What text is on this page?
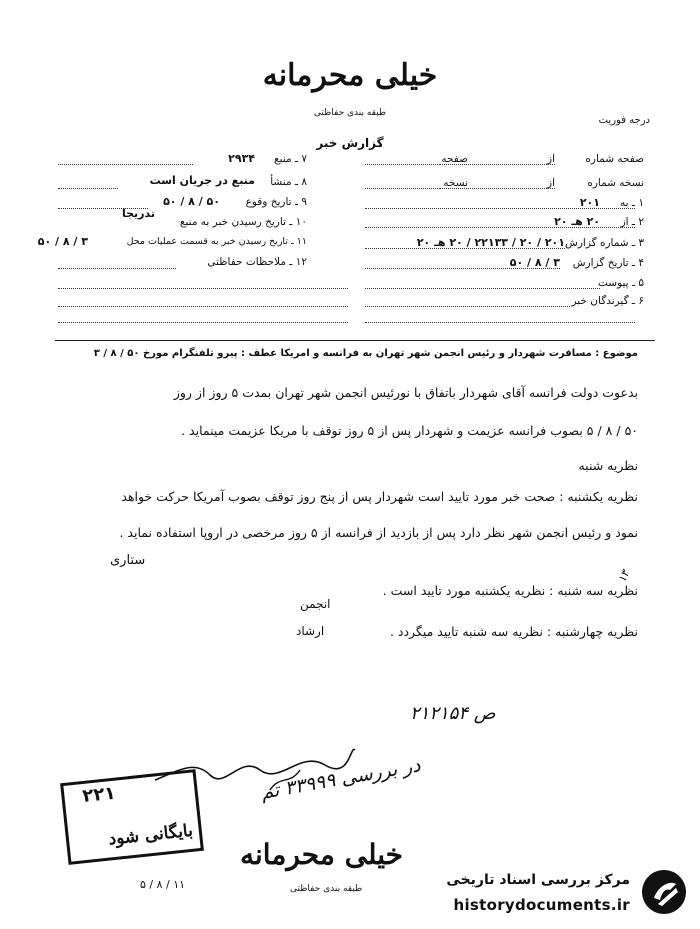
خیلی محرمانه
طبقه بندی حفاظتی
درجه فوریت
گزارش خبر
صفحه شماره
از
صفحه
نسخه شماره
از
نسخه
۱ ـ به
۲۰۱
۲ ـ از
۲۰ هـ ۲۰
۳ ـ شماره گزارش
۲۰۱ / ۲۰ / ۲۲۱۳۳ / ۲۰ هـ ۲۰
۴ ـ تاریخ گزارش
۵۰ / ۸ / ۳
۵ ـ پیوست
۶ ـ گیرندگان خبر
۷ ـ منبع
۲۹۳۴
۸ ـ منشأ
منبع در جریان است
۹ ـ تاریخ وقوع
۵۰ / ۸ / ۵۰
۱۰ ـ تاریخ رسیدن خبر به منبع
تدریجا
۱۱ ـ تاریخ رسیدن خبر به قسمت عملیات محل
۵۰ / ۸ / ۳
۱۲ ـ ملاحظات حفاظتی
موضوع : مسافرت شهردار و رئیس انجمن شهر تهران به فرانسه و امریکا عطف : پیرو تلفنگرام مورخ ۵۰ / ۸ / ۳
بدعوت دولت فرانسه آقای شهردار باتفاق با نورئیس انجمن شهر تهران بمدت ۵ روز از روز
۵۰ / ۸ / ۵ بصوب فرانسه عزیمت و شهردار پس از ۵ روز توقف با مریکا عزیمت مینماید .
نظریه شنبه
نظریه یکشنبه : صحت خبر مورد تایید است شهردار پس از پنج روز توقف بصوب آمریکا حرکت خواهد
نمود و رئیس انجمن شهر نظر دارد پس از بازدید از فرانسه از ۵ روز مرخصی در اروپا استفاده نماید .
ستاری
نظریه سه شنبه : نظریه یکشنبه مورد تایید است .
انجمن
نظریه چهارشنبه : نظریه سه شنبه تایید میگردد .
ارشاد
ص ۲۱۲۱۵۴
در بررسی ۳۳۹۹۹ تم
۱۳
۲۲۱
بایگانی شود
۵ / ۸ / ۱۱
خیلی محرمانه
طبقه بندی حفاظتی
مرکز بررسی اسناد تاریخی
historydocuments.ir
